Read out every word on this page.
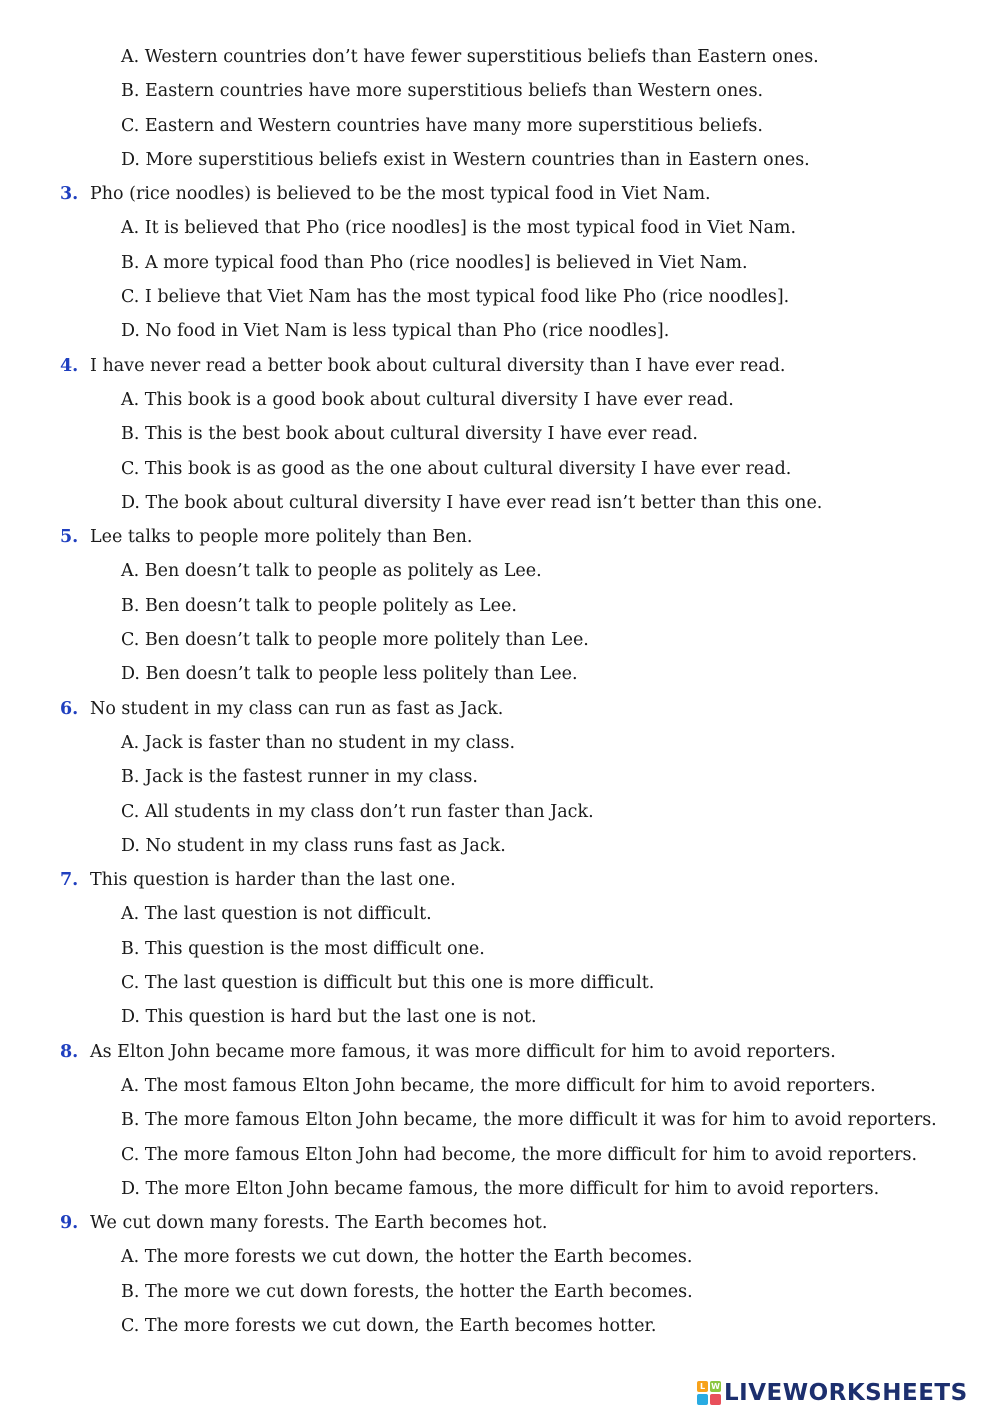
A. Western countries don’t have fewer superstitious beliefs than Eastern ones.
B. Eastern countries have more superstitious beliefs than Western ones.
C. Eastern and Western countries have many more superstitious beliefs.
D. More superstitious beliefs exist in Western countries than in Eastern ones.
3. Pho (rice noodles) is believed to be the most typical food in Viet Nam.
A. It is believed that Pho (rice noodles] is the most typical food in Viet Nam.
B. A more typical food than Pho (rice noodles] is believed in Viet Nam.
C. I believe that Viet Nam has the most typical food like Pho (rice noodles].
D. No food in Viet Nam is less typical than Pho (rice noodles].
4. I have never read a better book about cultural diversity than I have ever read.
A. This book is a good book about cultural diversity I have ever read.
B. This is the best book about cultural diversity I have ever read.
C. This book is as good as the one about cultural diversity I have ever read.
D. The book about cultural diversity I have ever read isn’t better than this one.
5. Lee talks to people more politely than Ben.
A. Ben doesn’t talk to people as politely as Lee.
B. Ben doesn’t talk to people politely as Lee.
C. Ben doesn’t talk to people more politely than Lee.
D. Ben doesn’t talk to people less politely than Lee.
6. No student in my class can run as fast as Jack.
A. Jack is faster than no student in my class.
B. Jack is the fastest runner in my class.
C. All students in my class don’t run faster than Jack.
D. No student in my class runs fast as Jack.
7. This question is harder than the last one.
A. The last question is not difficult.
B. This question is the most difficult one.
C. The last question is difficult but this one is more difficult.
D. This question is hard but the last one is not.
8. As Elton John became more famous, it was more difficult for him to avoid reporters.
A. The most famous Elton John became, the more difficult for him to avoid reporters.
B. The more famous Elton John became, the more difficult it was for him to avoid reporters.
C. The more famous Elton John had become, the more difficult for him to avoid reporters.
D. The more Elton John became famous, the more difficult for him to avoid reporters.
9. We cut down many forests. The Earth becomes hot.
A. The more forests we cut down, the hotter the Earth becomes.
B. The more we cut down forests, the hotter the Earth becomes.
C. The more forests we cut down, the Earth becomes hotter.
L W LIVEWORKSHEETS
